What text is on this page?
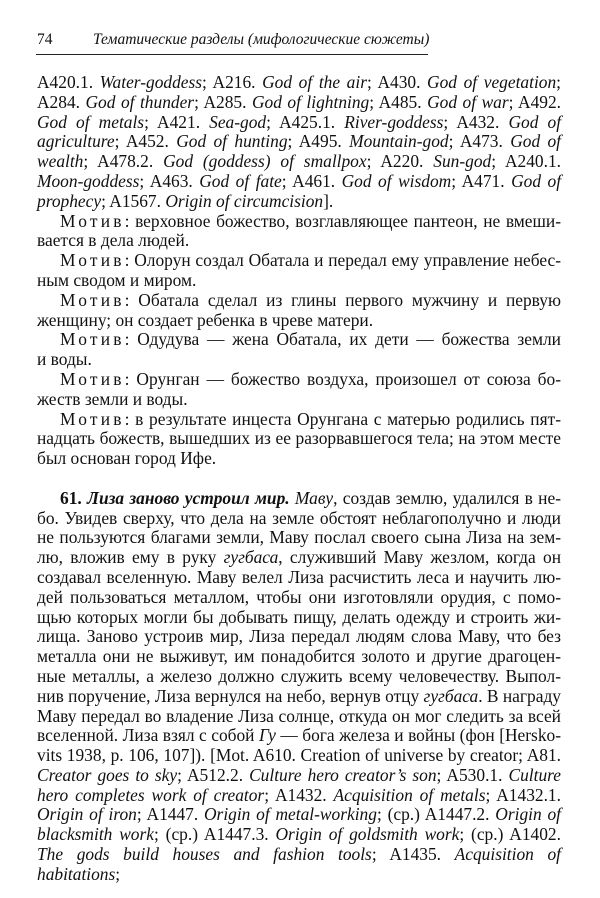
74	Тематические разделы (мифологические сюжеты)
A420.1. Water-goddess; A216. God of the air; A430. God of vegetation;
A284. God of thunder; A285. God of lightning; A485. God of war; A492.
God of metals; A421. Sea-god; A425.1. River-goddess; A432. God of
agriculture; A452. God of hunting; A495. Mountain-god; A473. God of
wealth; A478.2. God (goddess) of smallpox; A220. Sun-god; A240.1.
Moon-goddess; A463. God of fate; A461. God of wisdom; A471. God of
prophecy; A1567. Origin of circumcision].
Мотив: верховное божество, возглавляющее пантеон, не вмеши-
вается в дела людей.
Мотив: Олорун создал Обатала и передал ему управление небес-
ным сводом и миром.
Мотив: Обатала сделал из глины первого мужчину и первую
женщину; он создает ребенка в чреве матери.
Мотив: Одудува — жена Обатала, их дети — божества земли
и воды.
Мотив: Орунган — божество воздуха, произошел от союза бо-
жеств земли и воды.
Мотив: в результате инцеста Орунгана с матерью родились пят-
надцать божеств, вышедших из ее разорвавшегося тела; на этом месте
был основан город Ифе.
61. Лиза заново устроил мир. Маву, создав землю, удалился в не-
бо. Увидев сверху, что дела на земле обстоят неблагополучно и люди
не пользуются благами земли, Маву послал своего сына Лиза на зем-
лю, вложив ему в руку гугбаса, служивший Маву жезлом, когда он
создавал вселенную. Маву велел Лиза расчистить леса и научить лю-
дей пользоваться металлом, чтобы они изготовляли орудия, с помо-
щью которых могли бы добывать пищу, делать одежду и строить жи-
лища. Заново устроив мир, Лиза передал людям слова Маву, что без
металла они не выживут, им понадобится золото и другие драгоцен-
ные металлы, а железо должно служить всему человечеству. Выпол-
нив поручение, Лиза вернулся на небо, вернув отцу гугбаса. В награду
Маву передал во владение Лиза солнце, откуда он мог следить за всей
вселенной. Лиза взял с собой Гу — бога железа и войны (фон [Hersko-
vits 1938, p. 106, 107]). [Mot. A610. Creation of universe by creator; A81.
Creator goes to sky; A512.2. Culture hero creator’s son; A530.1. Culture
hero completes work of creator; A1432. Acquisition of metals; A1432.1.
Origin of iron; A1447. Origin of metal-working; (cp.) A1447.2. Origin of
blacksmith work; (cp.) A1447.3. Origin of goldsmith work; (cp.) A1402.
The gods build houses and fashion tools; A1435. Acquisition of habitations;
